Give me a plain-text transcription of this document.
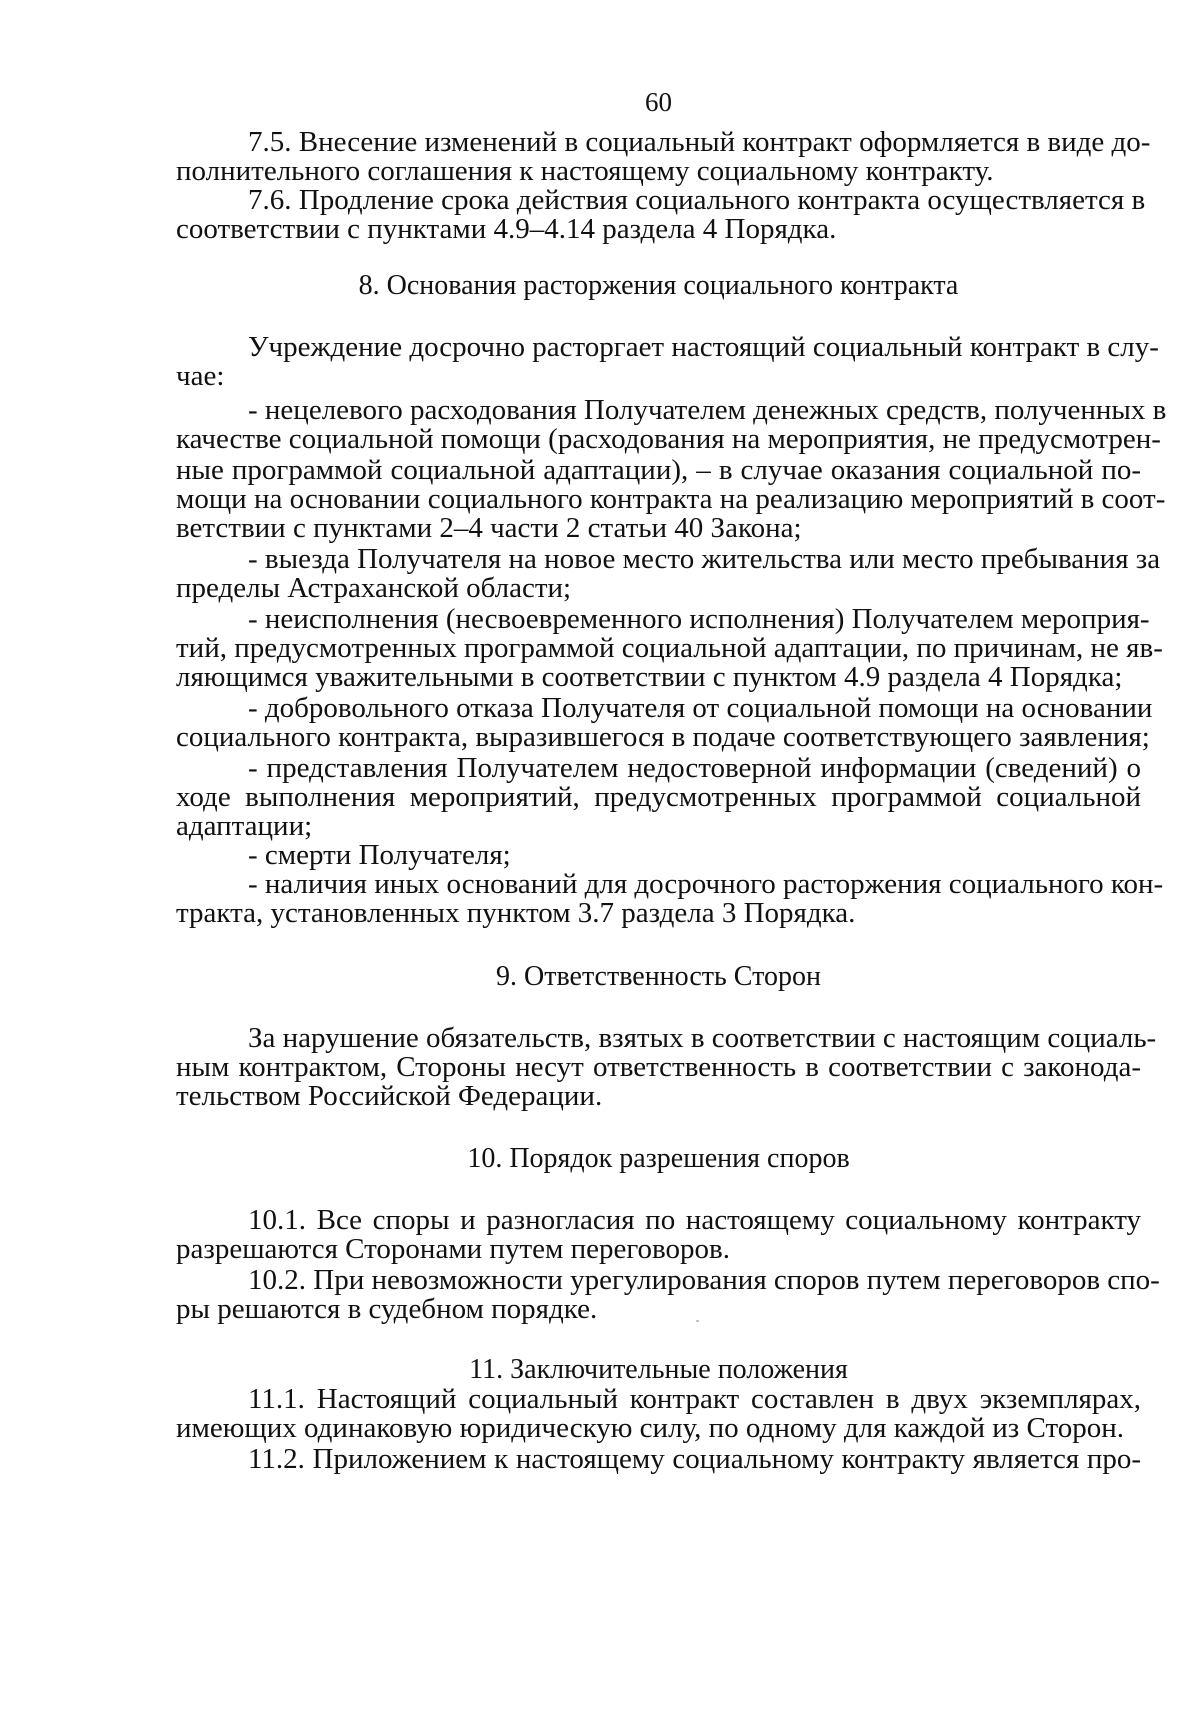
60
7.5. Внесение изменений в социальный контракт оформляется в виде до-
полнительного соглашения к настоящему социальному контракту.
7.6. Продление срока действия социального контракта осуществляется в
соответствии с пунктами 4.9–4.14 раздела 4 Порядка.
8. Основания расторжения социального контракта
Учреждение досрочно расторгает настоящий социальный контракт в слу-
чае:
- нецелевого расходования Получателем денежных средств, полученных в
качестве социальной помощи (расходования на мероприятия, не предусмотрен-
ные программой социальной адаптации), – в случае оказания социальной по-
мощи на основании социального контракта на реализацию мероприятий в соот-
ветствии с пунктами 2–4 части 2 статьи 40 Закона;
- выезда Получателя на новое место жительства или место пребывания за
пределы Астраханской области;
- неисполнения (несвоевременного исполнения) Получателем мероприя-
тий, предусмотренных программой социальной адаптации, по причинам, не яв-
ляющимся уважительными в соответствии с пунктом 4.9 раздела 4 Порядка;
- добровольного отказа Получателя от социальной помощи на основании
социального контракта, выразившегося в подаче соответствующего заявления;
- представления Получателем недостоверной информации (сведений) о
ходе выполнения мероприятий, предусмотренных программой социальной
адаптации;
- смерти Получателя;
- наличия иных оснований для досрочного расторжения социального кон-
тракта, установленных пунктом 3.7 раздела 3 Порядка.
9. Ответственность Сторон
За нарушение обязательств, взятых в соответствии с настоящим социаль-
ным контрактом, Стороны несут ответственность в соответствии с законода-
тельством Российской Федерации.
10. Порядок разрешения споров
10.1. Все споры и разногласия по настоящему социальному контракту
разрешаются Сторонами путем переговоров.
10.2. При невозможности урегулирования споров путем переговоров спо-
ры решаются в судебном порядке.
11. Заключительные положения
11.1. Настоящий социальный контракт составлен в двух экземплярах,
имеющих одинаковую юридическую силу, по одному для каждой из Сторон.
11.2. Приложением к настоящему социальному контракту является про-
